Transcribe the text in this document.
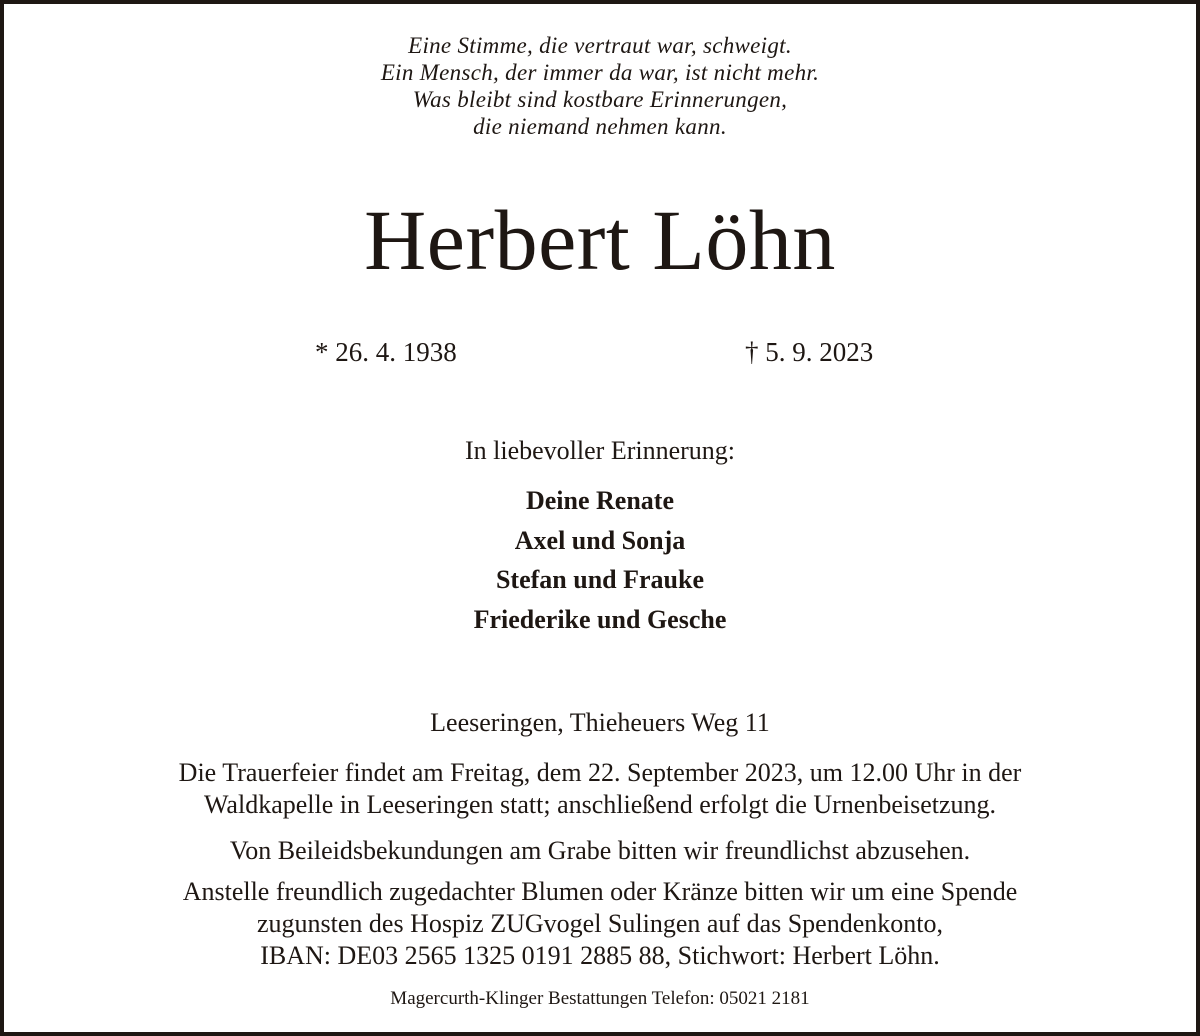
Eine Stimme, die vertraut war, schweigt.
Ein Mensch, der immer da war, ist nicht mehr.
Was bleibt sind kostbare Erinnerungen,
die niemand nehmen kann.
Herbert Löhn
* 26. 4. 1938	† 5. 9. 2023
In liebevoller Erinnerung:
Deine Renate
Axel und Sonja
Stefan und Frauke
Friederike und Gesche
Leeseringen, Thieheuers Weg 11
Die Trauerfeier findet am Freitag, dem 22. September 2023, um 12.00 Uhr in der
Waldkapelle in Leeseringen statt; anschließend erfolgt die Urnenbeisetzung.
Von Beileidsbekundungen am Grabe bitten wir freundlichst abzusehen.
Anstelle freundlich zugedachter Blumen oder Kränze bitten wir um eine Spende
zugunsten des Hospiz ZUGvogel Sulingen auf das Spendenkonto,
IBAN: DE03 2565 1325 0191 2885 88, Stichwort: Herbert Löhn.
Magercurth-Klinger Bestattungen Telefon: 05021 2181
